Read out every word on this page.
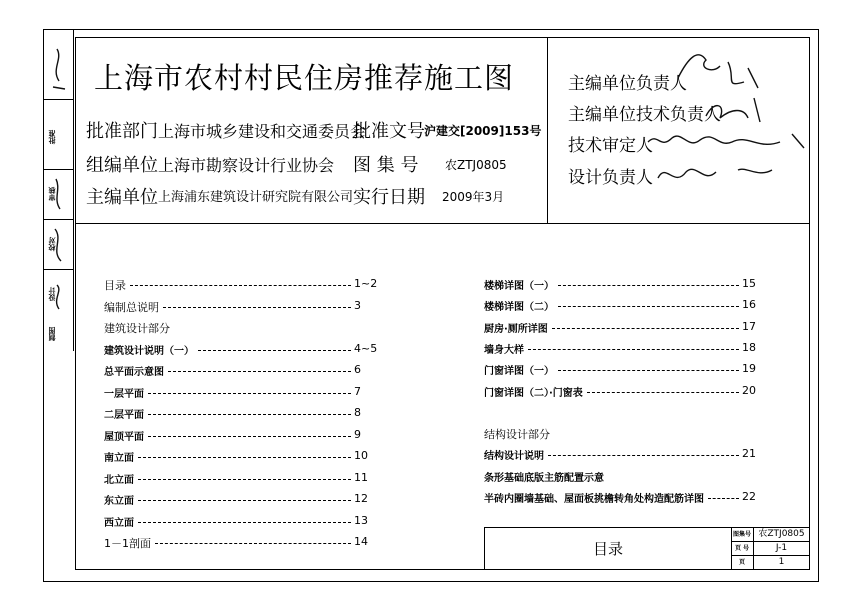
批准
审核
校对
设计
制图
上海市农村村民住房推荐施工图
批准部门 上海市城乡建设和交通委员会
批准文号 沪建交[2009]153号
组编单位 上海市勘察设计行业协会 图 集 号 农ZTJ0805
主编单位 上海浦东建筑设计研究院有限公司 实行日期 2009年3月
主编单位负责人
主编单位技术负责人
技术审定人
设计负责人
目录	1~2
编制总说明	3
建筑设计部分
建筑设计说明（一）	4~5
总平面示意图	6
一层平面	7
二层平面	8
屋顶平面	9
南立面	10
北立面	11
东立面	12
西立面	13
1－1剖面	14
楼梯详图（一）	15
楼梯详图（二）	16
厨房·厕所详图	17
墙身大样	18
门窗详图（一）	19
门窗详图（二）·门窗表	20
结构设计部分
结构设计说明	21
条形基础底版主筋配置示意
半砖内圈墙基础、屋面板挑檐转角处构造配筋详图	22
目录
图集号 农ZTJ0805
页 号	J-1
页	1
